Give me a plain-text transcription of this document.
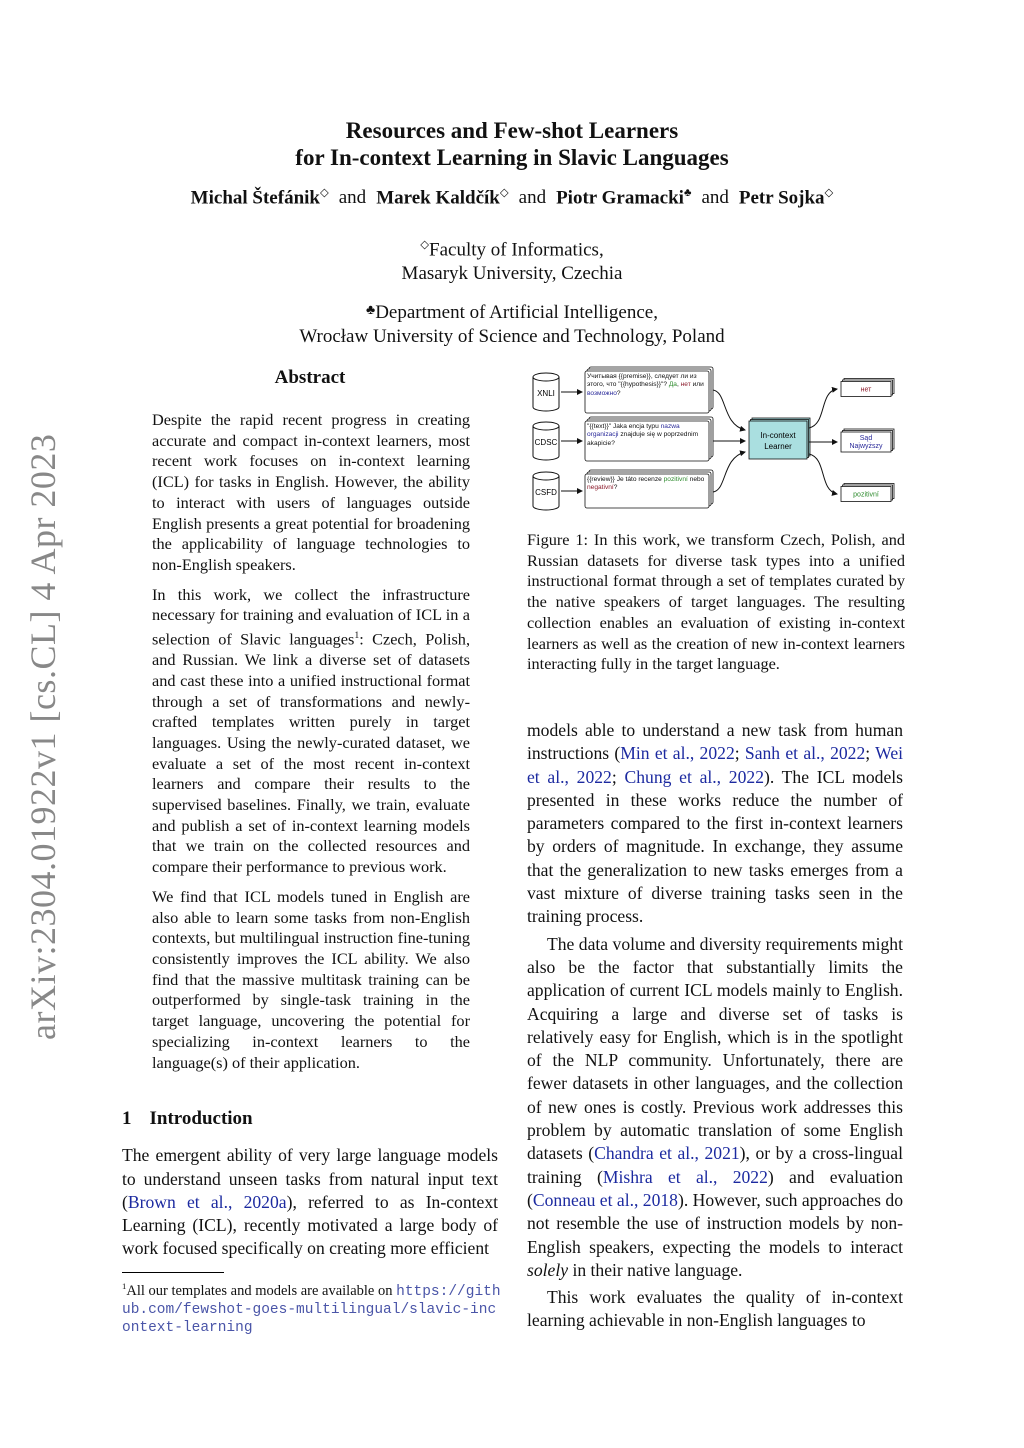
arXiv:2304.01922v1 [cs.CL] 4 Apr 2023
Resources and Few-shot Learners
for In-context Learning in Slavic Languages
Michal Štefánik◇ and Marek Kaldčík◇ and Piotr Gramacki♣ and Petr Sojka◇
◇Faculty of Informatics,
Masaryk University, Czechia
♣Department of Artificial Intelligence,
Wrocław University of Science and Technology, Poland
Abstract

Despite the rapid recent progress in creating accurate and compact in-context learners, most recent work focuses on in-context learning (ICL) for tasks in English. However, the ability to interact with users of languages outside English presents a great potential for broadening the applicability of language technologies to non-English speakers.

In this work, we collect the infrastructure necessary for training and evaluation of ICL in a selection of Slavic languages$^1$: Czech, Polish, and Russian. We link a diverse set of datasets and cast these into a unified instructional format through a set of transformations and newly-crafted templates written purely in target languages. Using the newly-curated dataset, we evaluate a set of the most recent in-context learners and compare their results to the supervised baselines. Finally, we train, evaluate and publish a set of in-context learning models that we train on the collected resources and compare their performance to previous work.

We find that ICL models tuned in English are also able to learn some tasks from non-English contexts, but multilingual instruction fine-tuning consistently improves the ICL ability. We also find that the massive multitask training can be outperformed by single-task training in the target language, uncovering the potential for specializing in-context learners to the language(s) of their application.

1 Introduction

The emergent ability of very large language models to understand unseen tasks from natural input text (Brown et al., 2020a), referred to as In-context Learning (ICL), recently motivated a large body of work focused specifically on creating more efficient

$^1$All our templates and models are available on https://github.com/fewshot-goes-multilingual/slavic-incontext-learning
XNLI
Учитывая {{premise}}, следует ли из этого, что "{{hypothesis}}"? Да, нет или возможно?
CDSC
"{{text}}" Jaka encja typu nazwa organizacji znajduje się w poprzednim akapicie?
CSFD
{{review}} Je táto recenze pozitivní nebo negativní?
In-context
Learner
нет
Sąd
Najwyższy
pozitivní
Figure 1: In this work, we transform Czech, Polish, and Russian datasets for diverse task types into a unified instructional format through a set of templates curated by the native speakers of target languages. The resulting collection enables an evaluation of existing in-context learners as well as the creation of new in-context learners interacting fully in the target language.

models able to understand a new task from human instructions (Min et al., 2022; Sanh et al., 2022; Wei et al., 2022; Chung et al., 2022). The ICL models presented in these works reduce the number of parameters compared to the first in-context learners by orders of magnitude. In exchange, they assume that the generalization to new tasks emerges from a vast mixture of diverse training tasks seen in the training process.

The data volume and diversity requirements might also be the factor that substantially limits the application of current ICL models mainly to English. Acquiring a large and diverse set of tasks is relatively easy for English, which is in the spotlight of the NLP community. Unfortunately, there are fewer datasets in other languages, and the collection of new ones is costly. Previous work addresses this problem by automatic translation of some English datasets (Chandra et al., 2021), or by a cross-lingual training (Mishra et al., 2022) and evaluation (Conneau et al., 2018). However, such approaches do not resemble the use of instruction models by non-English speakers, expecting the models to interact solely in their native language.

This work evaluates the quality of in-context learning achievable in non-English languages to
